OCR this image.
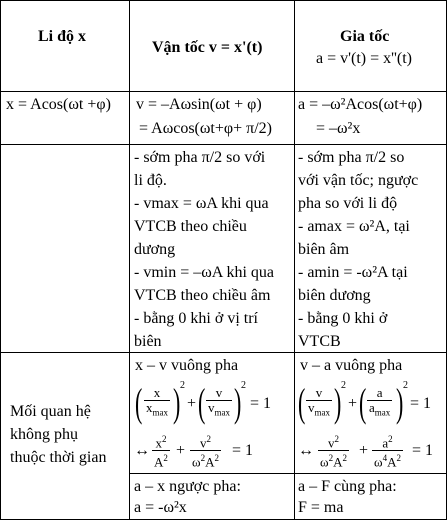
Li độ x
Vận tốc v = x'(t)
Gia tốc
a = v'(t) = x''(t)
x = Acos(ωt +φ) v = –Aωsin(ωt + φ)
= Aωcos(ωt+φ+ π/2)
a = –ω²Acos(ωt+φ)
= –ω²x
- sớm pha π/2 so với
li độ.
- vmax = ωA khi qua
VTCB theo chiều
dương
- vmin = –ωA khi qua
VTCB theo chiều âm
- bằng 0 khi ở vị trí
biên
- sớm pha π/2 so
với vận tốc; ngược
pha so với li độ
- amax = ω²A, tại
biên âm
- amin = -ω²A tại
biên dương
- bằng 0 khi ở
VTCB
Mối quan hệ
không phụ
thuộc thời gian
x – v vuông pha
( x
$x_{max}$ ) 2
+ ( v
$v_{max}$ ) 2
= 1
↔ $\frac{x^2}{A^2} + \frac{v^2}{\omega^2A^2} = 1$
v – a vuông pha
( v
$v_{max}$ ) 2
+ ( a
$a_{max}$ ) 2
= 1
↔ $\frac{v^2}{\omega^2A^2} + \frac{a^2}{\omega^4A^2} = 1$
a – x ngược pha:
a = -ω²x
a – F cùng pha:
F = ma
